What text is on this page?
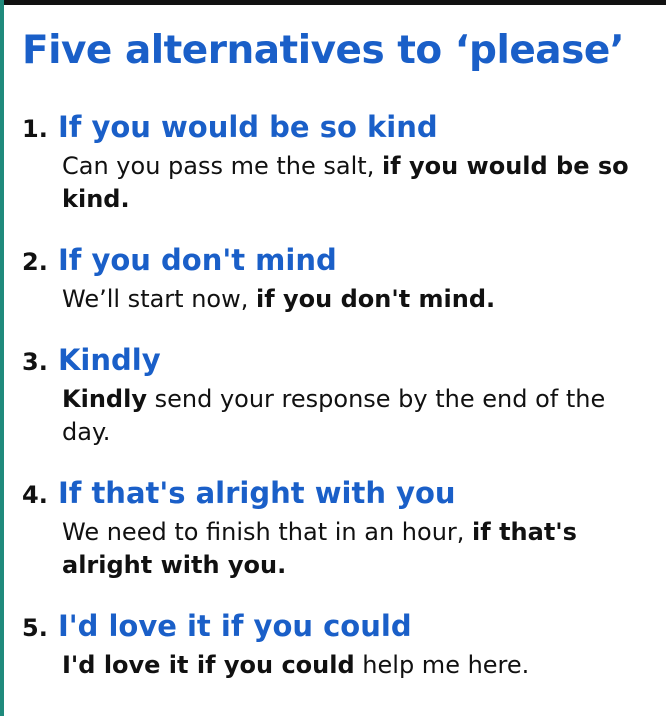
Five alternatives to ‘please’
1. If you would be so kind
Can you pass me the salt, if you would be so kind.
2. If you don't mind
We’ll start now, if you don't mind.
3. Kindly
Kindly send your response by the end of the day.
4. If that's alright with you
We need to finish that in an hour, if that's alright with you.
5. I'd love it if you could
I'd love it if you could help me here.
